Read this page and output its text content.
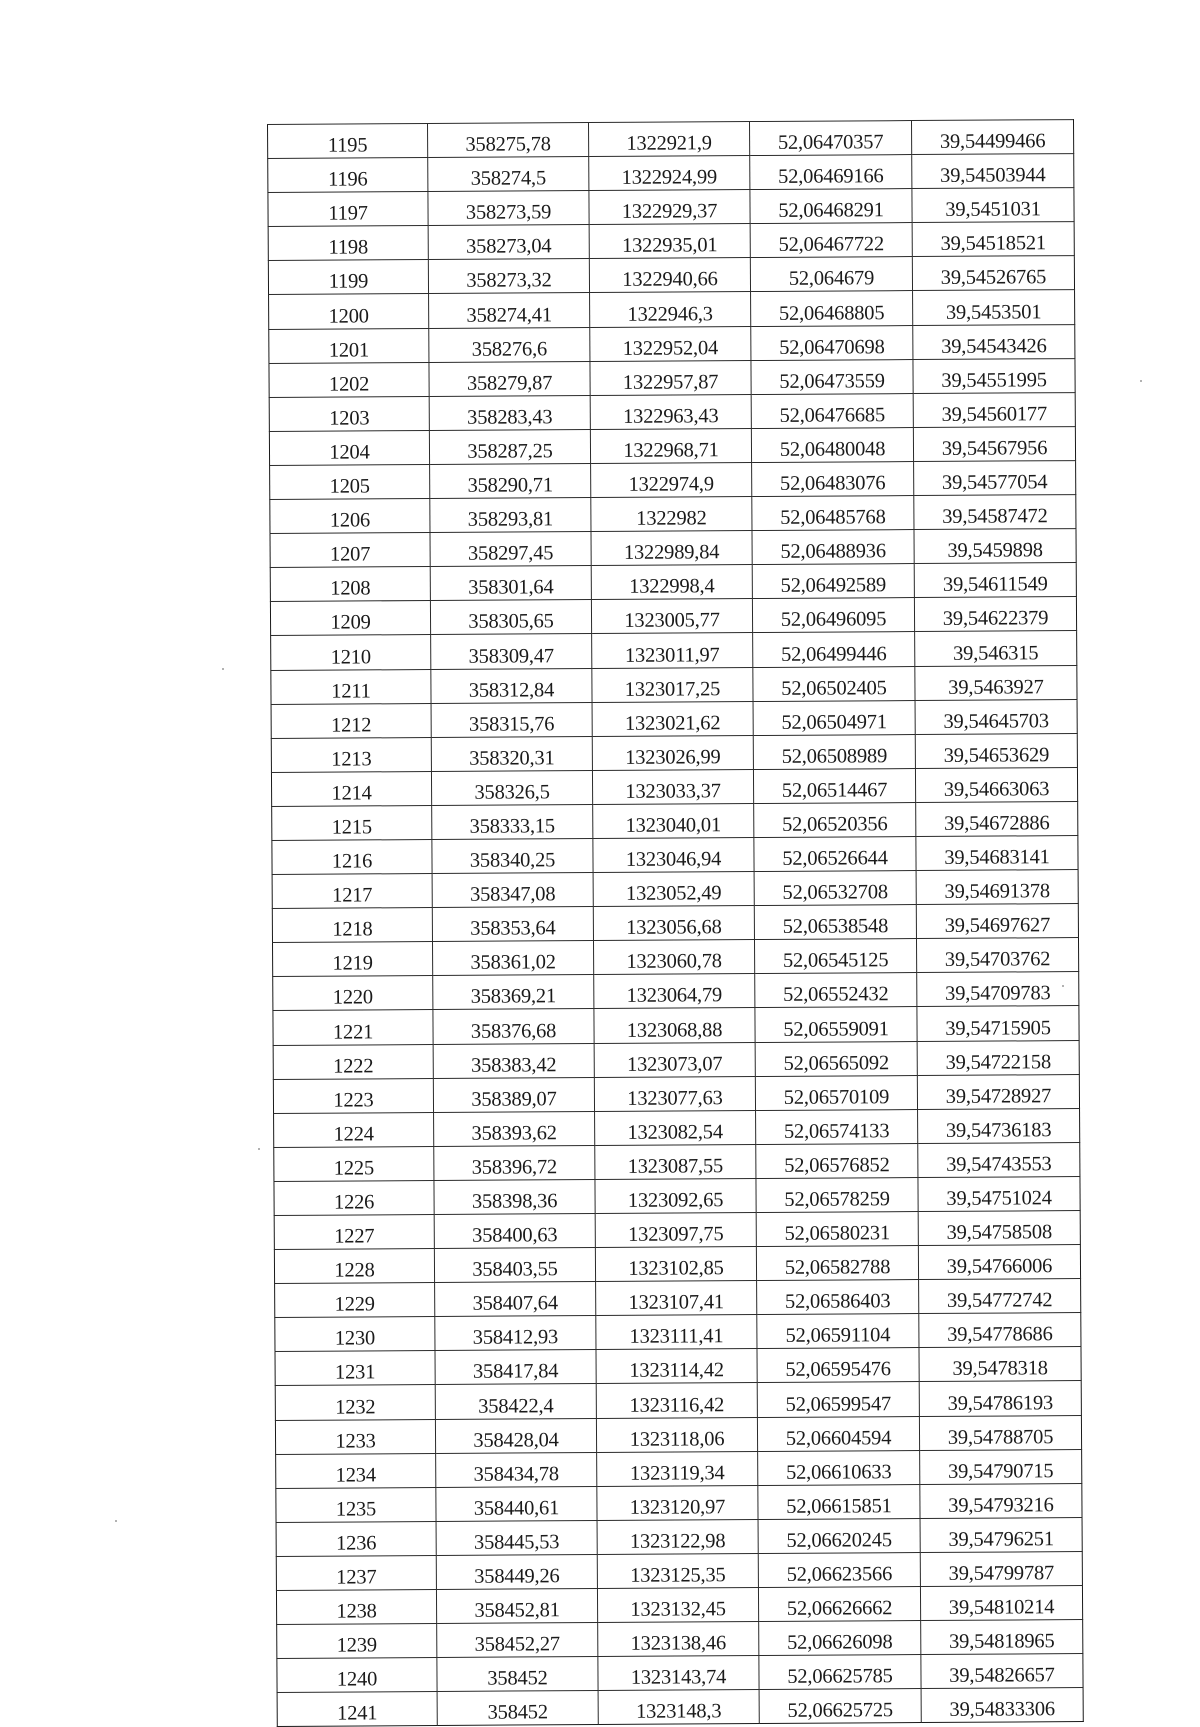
1195	358275,78	1322921,9	52,06470357	39,54499466
1196	358274,5	1322924,99	52,06469166	39,54503944
1197	358273,59	1322929,37	52,06468291	39,5451031
1198	358273,04	1322935,01	52,06467722	39,54518521
1199	358273,32	1322940,66	52,064679	39,54526765
1200	358274,41	1322946,3	52,06468805	39,5453501
1201	358276,6	1322952,04	52,06470698	39,54543426
1202	358279,87	1322957,87	52,06473559	39,54551995
1203	358283,43	1322963,43	52,06476685	39,54560177
1204	358287,25	1322968,71	52,06480048	39,54567956
1205	358290,71	1322974,9	52,06483076	39,54577054
1206	358293,81	1322982	52,06485768	39,54587472
1207	358297,45	1322989,84	52,06488936	39,5459898
1208	358301,64	1322998,4	52,06492589	39,54611549
1209	358305,65	1323005,77	52,06496095	39,54622379
1210	358309,47	1323011,97	52,06499446	39,546315
1211	358312,84	1323017,25	52,06502405	39,5463927
1212	358315,76	1323021,62	52,06504971	39,54645703
1213	358320,31	1323026,99	52,06508989	39,54653629
1214	358326,5	1323033,37	52,06514467	39,54663063
1215	358333,15	1323040,01	52,06520356	39,54672886
1216	358340,25	1323046,94	52,06526644	39,54683141
1217	358347,08	1323052,49	52,06532708	39,54691378
1218	358353,64	1323056,68	52,06538548	39,54697627
1219	358361,02	1323060,78	52,06545125	39,54703762
1220	358369,21	1323064,79	52,06552432	39,54709783
1221	358376,68	1323068,88	52,06559091	39,54715905
1222	358383,42	1323073,07	52,06565092	39,54722158
1223	358389,07	1323077,63	52,06570109	39,54728927
1224	358393,62	1323082,54	52,06574133	39,54736183
1225	358396,72	1323087,55	52,06576852	39,54743553
1226	358398,36	1323092,65	52,06578259	39,54751024
1227	358400,63	1323097,75	52,06580231	39,54758508
1228	358403,55	1323102,85	52,06582788	39,54766006
1229	358407,64	1323107,41	52,06586403	39,54772742
1230	358412,93	1323111,41	52,06591104	39,54778686
1231	358417,84	1323114,42	52,06595476	39,5478318
1232	358422,4	1323116,42	52,06599547	39,54786193
1233	358428,04	1323118,06	52,06604594	39,54788705
1234	358434,78	1323119,34	52,06610633	39,54790715
1235	358440,61	1323120,97	52,06615851	39,54793216
1236	358445,53	1323122,98	52,06620245	39,54796251
1237	358449,26	1323125,35	52,06623566	39,54799787
1238	358452,81	1323132,45	52,06626662	39,54810214
1239	358452,27	1323138,46	52,06626098	39,54818965
1240	358452	1323143,74	52,06625785	39,54826657
1241	358452	1323148,3	52,06625725	39,54833306
